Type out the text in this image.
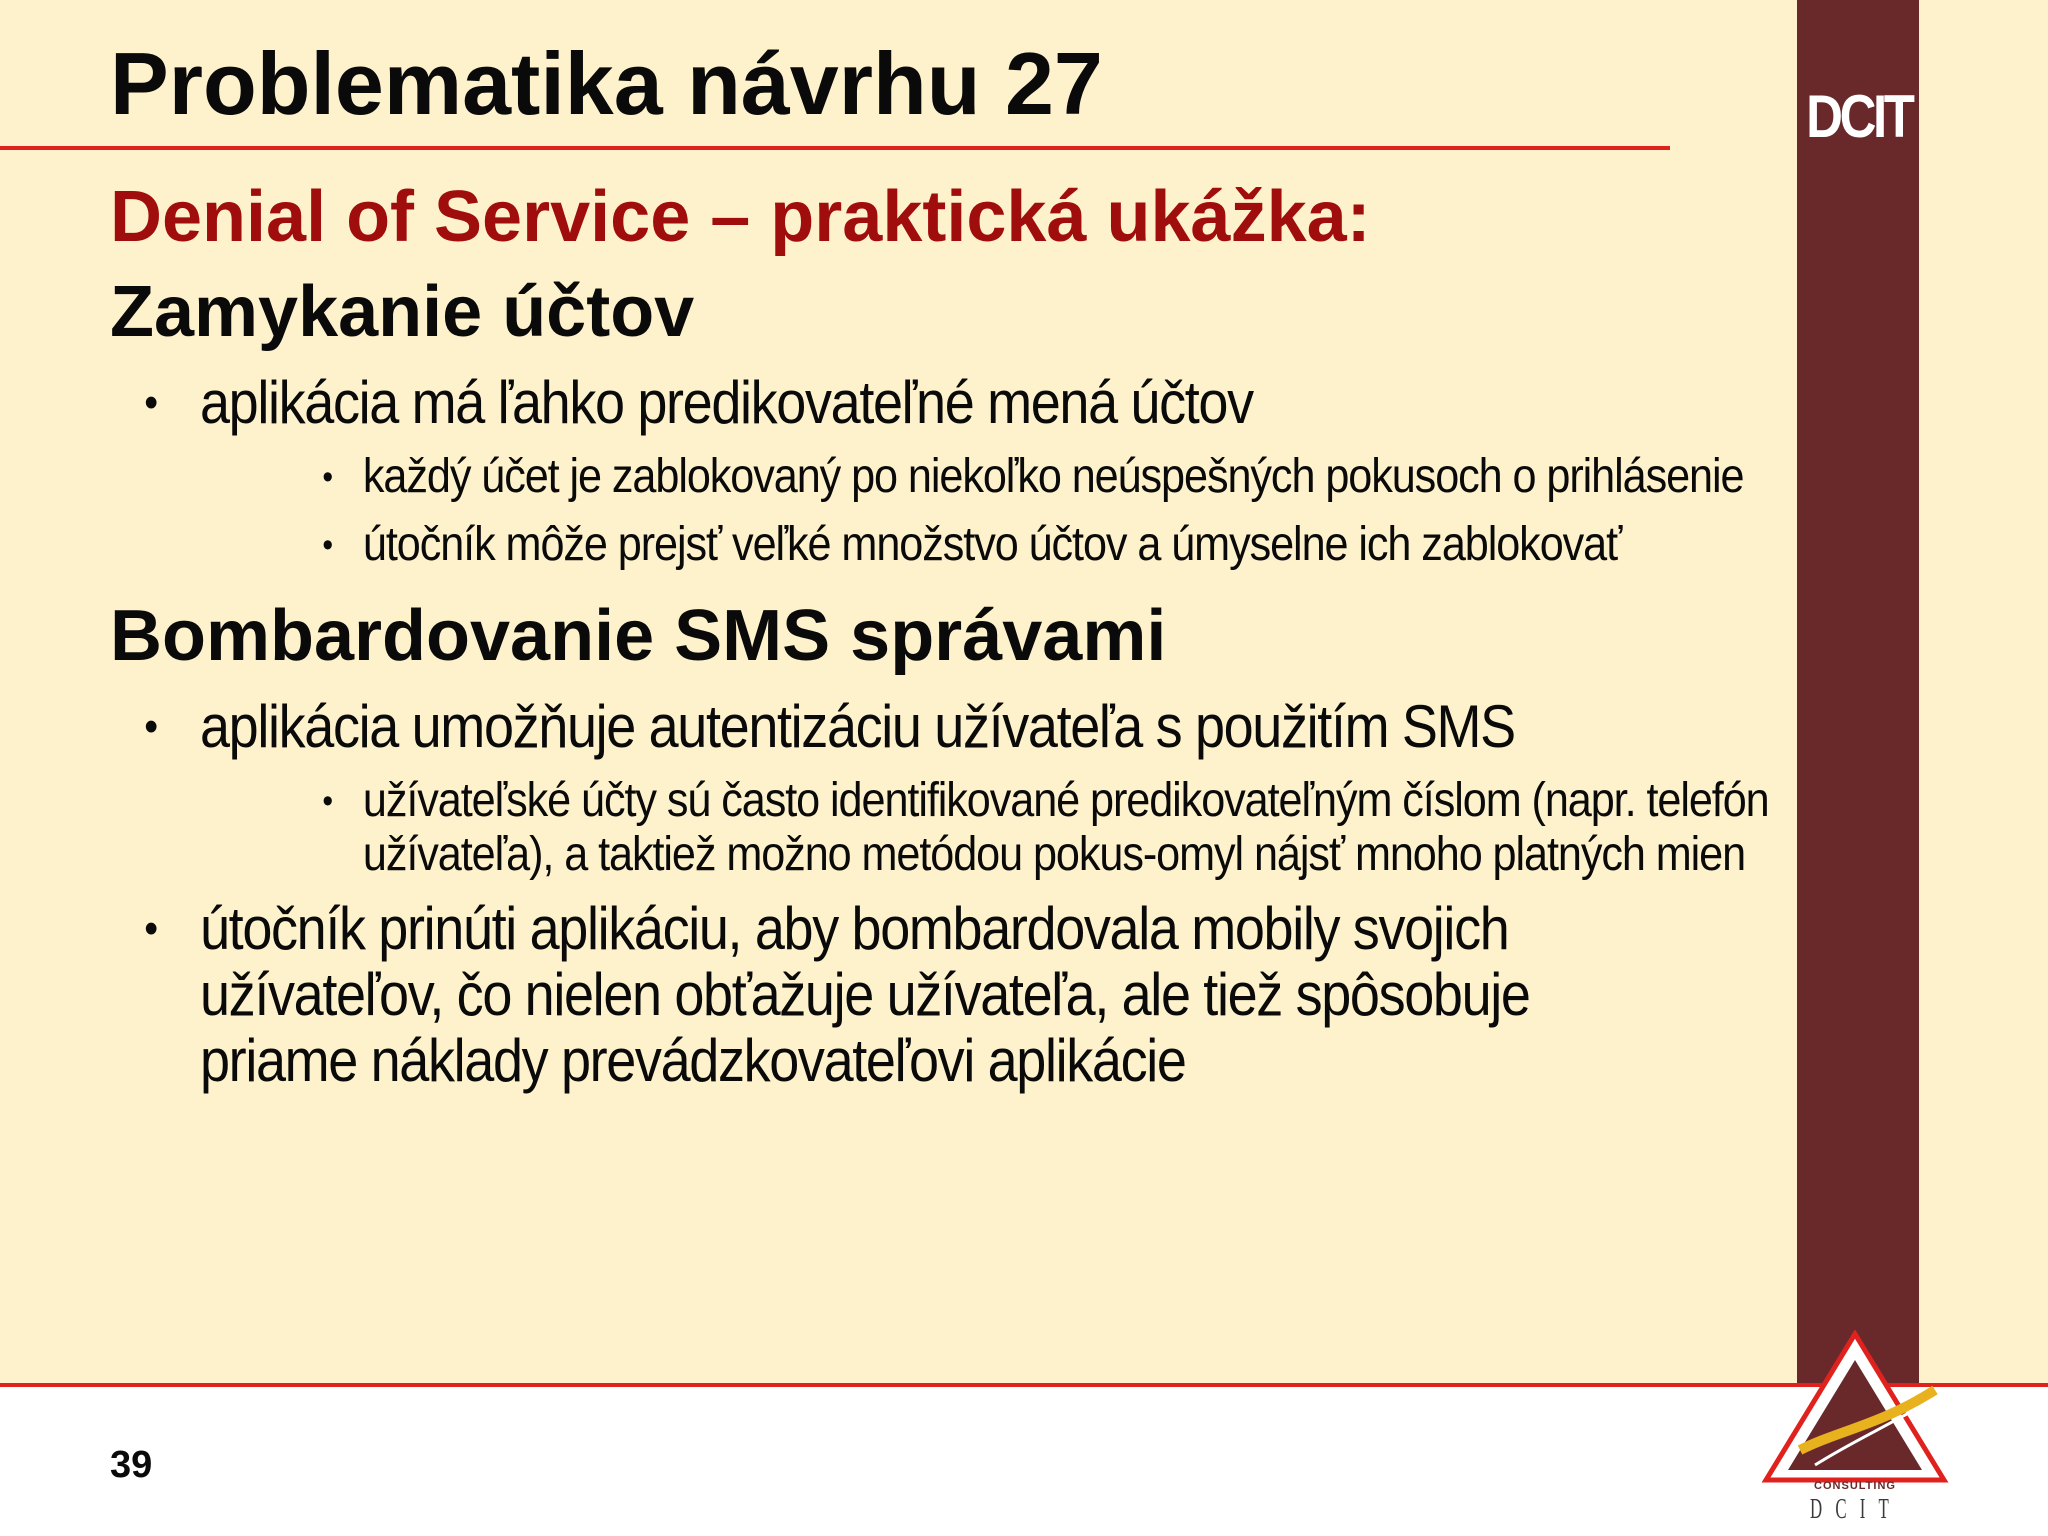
DCIT
Problematika návrhu 27
Denial of Service – praktická ukážka:
Zamykanie účtov
• aplikácia má ľahko predikovateľné mená účtov
• každý účet je zablokovaný po niekoľko neúspešných pokusoch o prihlásenie
• útočník môže prejsť veľké množstvo účtov a úmyselne ich zablokovať
Bombardovanie SMS správami
• aplikácia umožňuje autentizáciu užívateľa s použitím SMS
• užívateľské účty sú často identifikované predikovateľným číslom (napr. telefón užívateľa), a taktiež možno metódou pokus-omyl nájsť mnoho platných mien
• útočník prinúti aplikáciu, aby bombardovala mobily svojich užívateľov, čo nielen obťažuje užívateľa, ale tiež spôsobuje priame náklady prevádzkovateľovi aplikácie
39	CONSULTING
DCIT
